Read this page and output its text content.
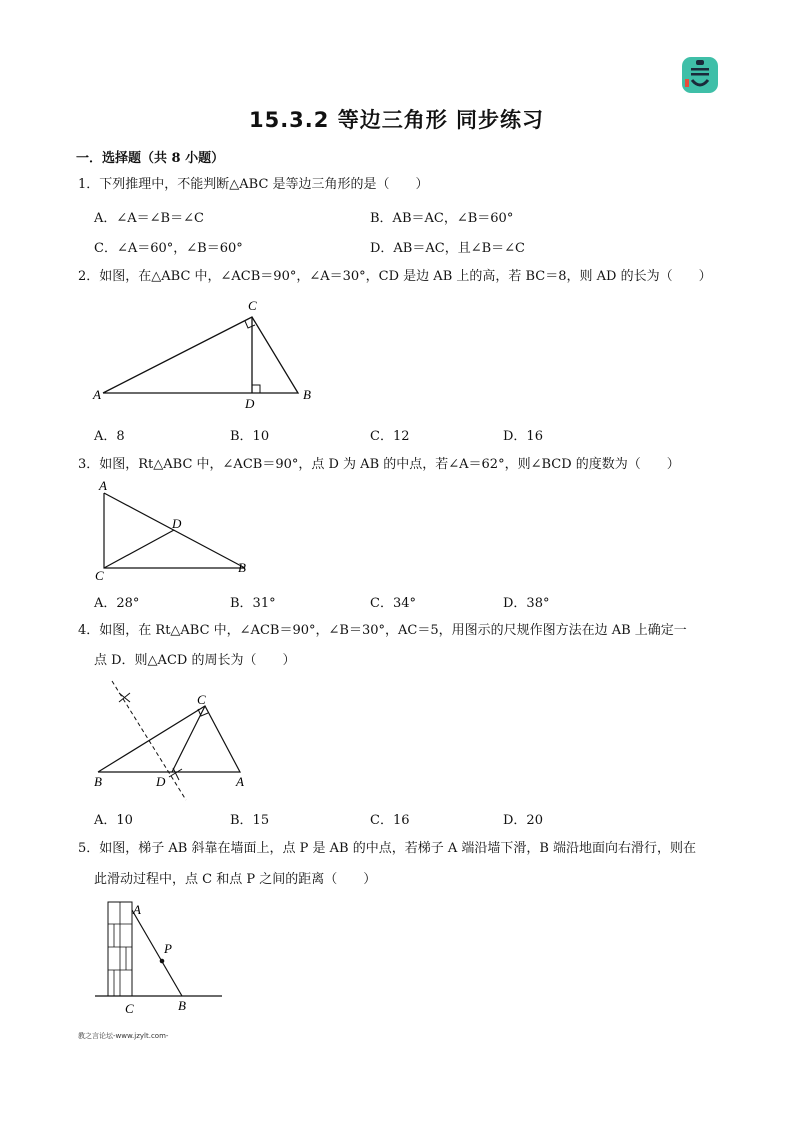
15.3.2 等边三角形 同步练习
一．选择题（共 8 小题）
1．下列推理中，不能判断△ABC 是等边三角形的是（　　）
A．∠A＝∠B＝∠C	B．AB＝AC，∠B＝60°
C．∠A＝60°，∠B＝60°	D．AB＝AC，且∠B＝∠C
2．如图，在△ABC 中，∠ACB＝90°，∠A＝30°，CD 是边 AB 上的高，若 BC＝8，则 AD 的长为（　　）
A
C
B
D
A．8	B．10	C．12	D．16
3．如图，Rt△ABC 中，∠ACB＝90°，点 D 为 AB 的中点，若∠A＝62°，则∠BCD 的度数为（　　）
A
D
C
B
A．28°	B．31°	C．34°	D．38°
4．如图，在 Rt△ABC 中，∠ACB＝90°，∠B＝30°，AC＝5，用图示的尺规作图方法在边 AB 上确定一
点 D．则△ACD 的周长为（　　）
C
B	D	A
A．10	B．15	C．16	D．20
5．如图，梯子 AB 斜靠在墙面上，点 P 是 AB 的中点，若梯子 A 端沿墙下滑，B 端沿地面向右滑行，则在
此滑动过程中，点 C 和点 P 之间的距离（　　）
A
P
C	B
教之言论坛-www.jzylt.com-
